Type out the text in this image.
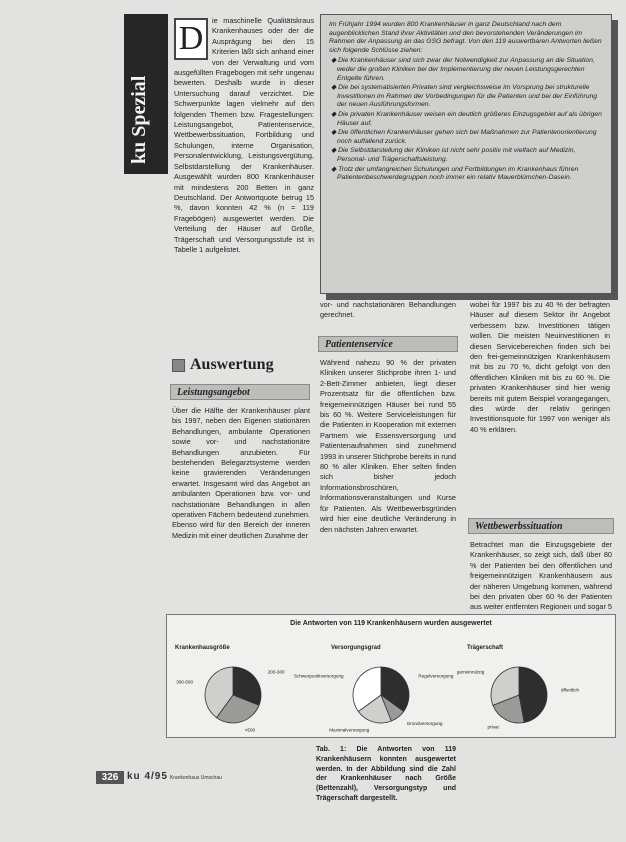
ku Spezial
D	ie maschinelle Qualitätskraus Krankenhauses oder der die Ausprägung bei den 15 Kriterien läßt sich anhand einer von der Verwaltung und vom ausgefüllten Fragebogen mit sehr ungenau bewerten. Deshalb wurde in dieser Untersuchung darauf verzichtet. Die Schwerpunkte lagen vielmehr auf den folgenden Themen bzw. Fragestellungen: Leistungsangebot, Patientenservice, Wettbewerbssituation, Fortbildung und Schulungen, interne Organisation, Personalentwicklung, Leistungsvergütung, Selbstdarstellung der Krankenhäuser. Ausgewählt wurden 800 Krankenhäuser mit mindestens 200 Betten in ganz Deutschland. Der Antwortquote betrug 15 %, davon konnten 42 % (n = 119 Fragebögen) ausgewertet werden. Die Verteilung der Häuser auf Größe, Trägerschaft und Versorgungsstufe ist in Tabelle 1 aufgelistet.

Auswertung
Leistungsangebot

Über die Hälfte der Krankenhäuser plant bis 1997, neben den Eigenen stationären Behandlungen, ambulante Operationen sowie vor- und nachstationäre Behandlungen anzubieten. Für bestehenden Belegarztsysteme werden keine gravierenden Veränderungen erwartet. Insgesamt wird das Angebot an ambulanten Operationen bzw. vor- und nachstationäre Behandlungen in allen operativen Fächern bedeutend zunehmen. Ebenso wird für den Bereich der inneren Medizin mit einer deutlichen Zunahme der

Im Frühjahr 1994 wurden 800 Krankenhäuser in ganz Deutschland nach dem augenblicklichen Stand ihrer Aktivitäten und den bevorstehenden Veränderungen im Rahmen der Anpassung an das GSG befragt. Von den 119 auswertbaren Antworten ließen sich folgende Schlüsse ziehen:

◆ Die Krankenhäuser sind sich zwar der Notwendigkeit zur Anpassung an die Situation, weder die großen Kliniken bei der Implementierung der neuen Leistungsgerechten Entgelte führen.
◆ Die bei systematisierten Privaten sind vergleichsweise im Vorsprung bei strukturelle Investitionen im Rahmen der Vorbedingungen für die Patienten und bei der Einführung der neuen Ausführungsformen.
◆ Die privaten Krankenhäuser weisen ein deutlich größeres Einzugsgebiet auf als übrigen Häuser auf.
◆ Die öffentlichen Krankenhäuser gehen sich bei Maßnahmen zur Patientenorientierung noch auffallend zurück.
◆ Die Selbstdarstellung der Kliniken ist nicht sehr positiv mit vielfach auf Medizin, Personal- und Trägerschaftsleistung.
◆ Trotz der umfangreichen Schulungen und Fortbildungen im Krankenhaus führen Patientenbeschwerdegruppen noch immer ein relativ Mauerblümchen-Dasein.

vor- und nachstationären Behandlungen gerechnet.

Patientenservice

Während nahezu 90 % der privaten Kliniken unserer Stichprobe ihren 1- und 2-Bett-Zimmer anbieten, liegt dieser Prozentsatz für die öffentlichen bzw. freigemeinnützigen Häuser bei rund 55 bis 60 %. Weitere Serviceleistungen für die Patienten in Kooperation mit externen Partnern wie Essensversorgung und Patientenaufnahmen sind zunehmend 1993 in unserer Stichprobe bereits in rund 80 % aller Kliniken. Eher selten finden sich bisher jedoch Informationsbroschüren, Informationsveranstaltungen und Kurse für Patienten. Als Wettbewerbsgründen wird hier eine deutliche Veränderung in den nächsten Jahren erwartet.

wobei für 1997 bis zu 40 % der befragten Häuser auf diesem Sektor ihr Angebot verbessern bzw. Investitionen tätigen wollen. Die meisten Neuinvestitionen in diesen Servicebereichen finden sich bei den frei-gemeinnützigen Krankenhäusern mit bis zu 70 %, dicht gefolgt von den öffentlichen Kliniken mit bis zu 60 %. Die privaten Krankenhäuser sind hier wenig bereits mit gutem Beispiel vorangegangen, dies würde der relativ geringen Investitionsquote für 1997 von weniger als 40 % erklären.

Wettbewerbssituation

Betrachtet man die Einzugsgebiete der Krankenhäuser, so zeigt sich, daß über 80 % der Patienten bei den öffentlichen und freigemeinnützigen Krankenhäusern aus der näheren Umgebung kommen, während bei den privaten über 60 % der Patienten aus weiter entfernten Regionen und sogar 5

Die Antworten von 119 Krankenhäusern wurden ausgewertet
Krankenhausgröße	Versorgungsgrad	Trägerschaft
200-300
>500
300-500
Regelversorgung
Grundversorgung
Maximalversorgung
Schwerpunktversorgung
öffentlich
privat
gemeinnützig

Tab. 1: Die Antworten von 119 Krankenhäusern konnten ausgewertet werden. In der Abbildung sind die Zahl der Krankenhäuser nach Größe (Bettenzahl), Versorgungstyp und Trägerschaft dargestellt.

326 ku 4/95 Krankenhaus Umschau
